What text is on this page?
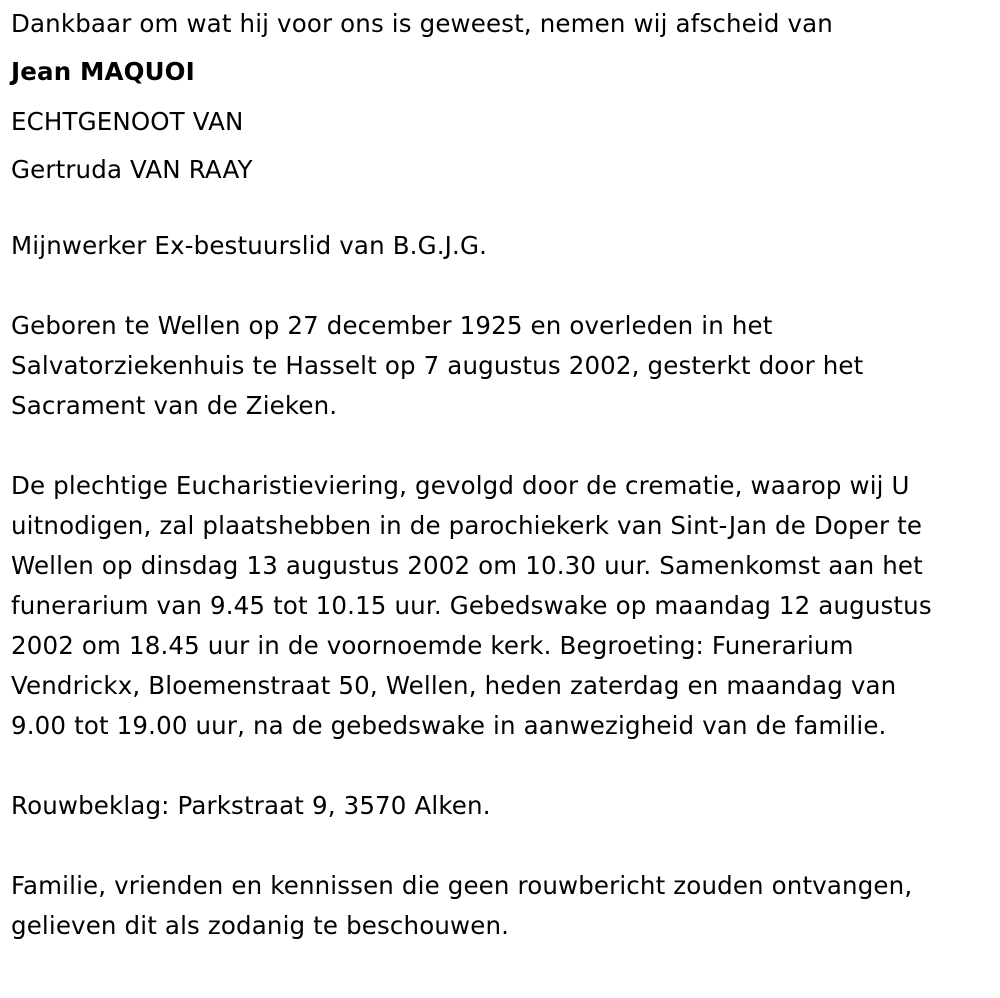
Dankbaar om wat hij voor ons is geweest, nemen wij afscheid van
Jean MAQUOI
ECHTGENOOT VAN
Gertruda VAN RAAY
Mijnwerker Ex-bestuurslid van B.G.J.G.
Geboren te Wellen op 27 december 1925 en overleden in het
Salvatorziekenhuis te Hasselt op 7 augustus 2002, gesterkt door het
Sacrament van de Zieken.
De plechtige Eucharistieviering, gevolgd door de crematie, waarop wij U
uitnodigen, zal plaatshebben in de parochiekerk van Sint-Jan de Doper te
Wellen op dinsdag 13 augustus 2002 om 10.30 uur. Samenkomst aan het
funerarium van 9.45 tot 10.15 uur. Gebedswake op maandag 12 augustus
2002 om 18.45 uur in de voornoemde kerk. Begroeting: Funerarium
Vendrickx, Bloemenstraat 50, Wellen, heden zaterdag en maandag van
9.00 tot 19.00 uur, na de gebedswake in aanwezigheid van de familie.
Rouwbeklag: Parkstraat 9, 3570 Alken.
Familie, vrienden en kennissen die geen rouwbericht zouden ontvangen,
gelieven dit als zodanig te beschouwen.
